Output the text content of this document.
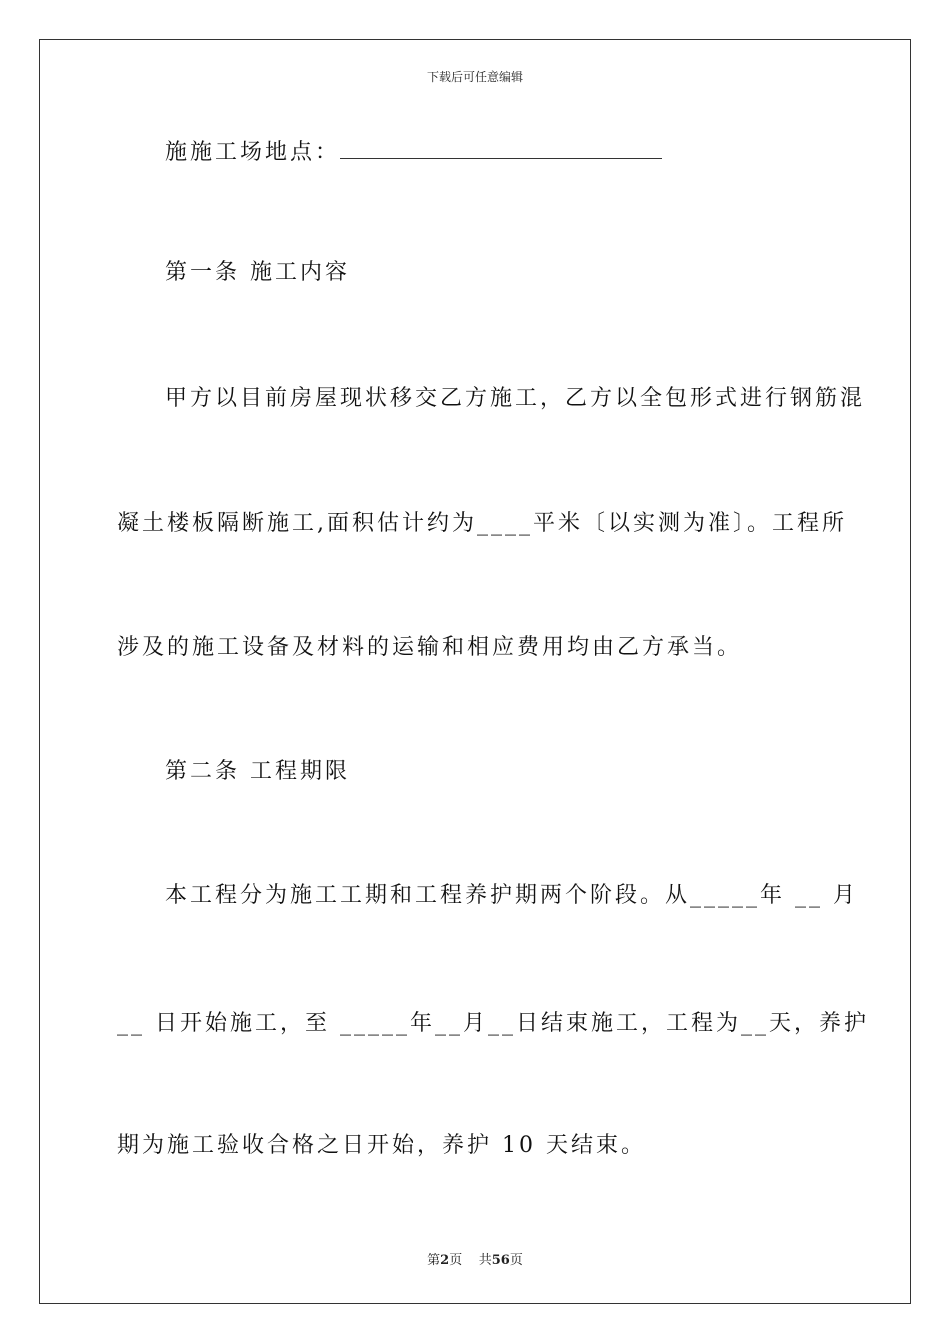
下载后可任意编辑
施施工场地点：
第一条 施工内容
甲方以目前房屋现状移交乙方施工，乙方以全包形式进行钢筋混
凝土楼板隔断施工,面积估计约为____平米〔以实测为准〕。工程所
涉及的施工设备及材料的运输和相应费用均由乙方承当。
第二条 工程期限
本工程分为施工工期和工程养护期两个阶段。从_____年 __ 月
__ 日开始施工，至 _____年__月__日结束施工，工程为__天，养护
期为施工验收合格之日开始，养护 10 天结束。
第2页    共56页
